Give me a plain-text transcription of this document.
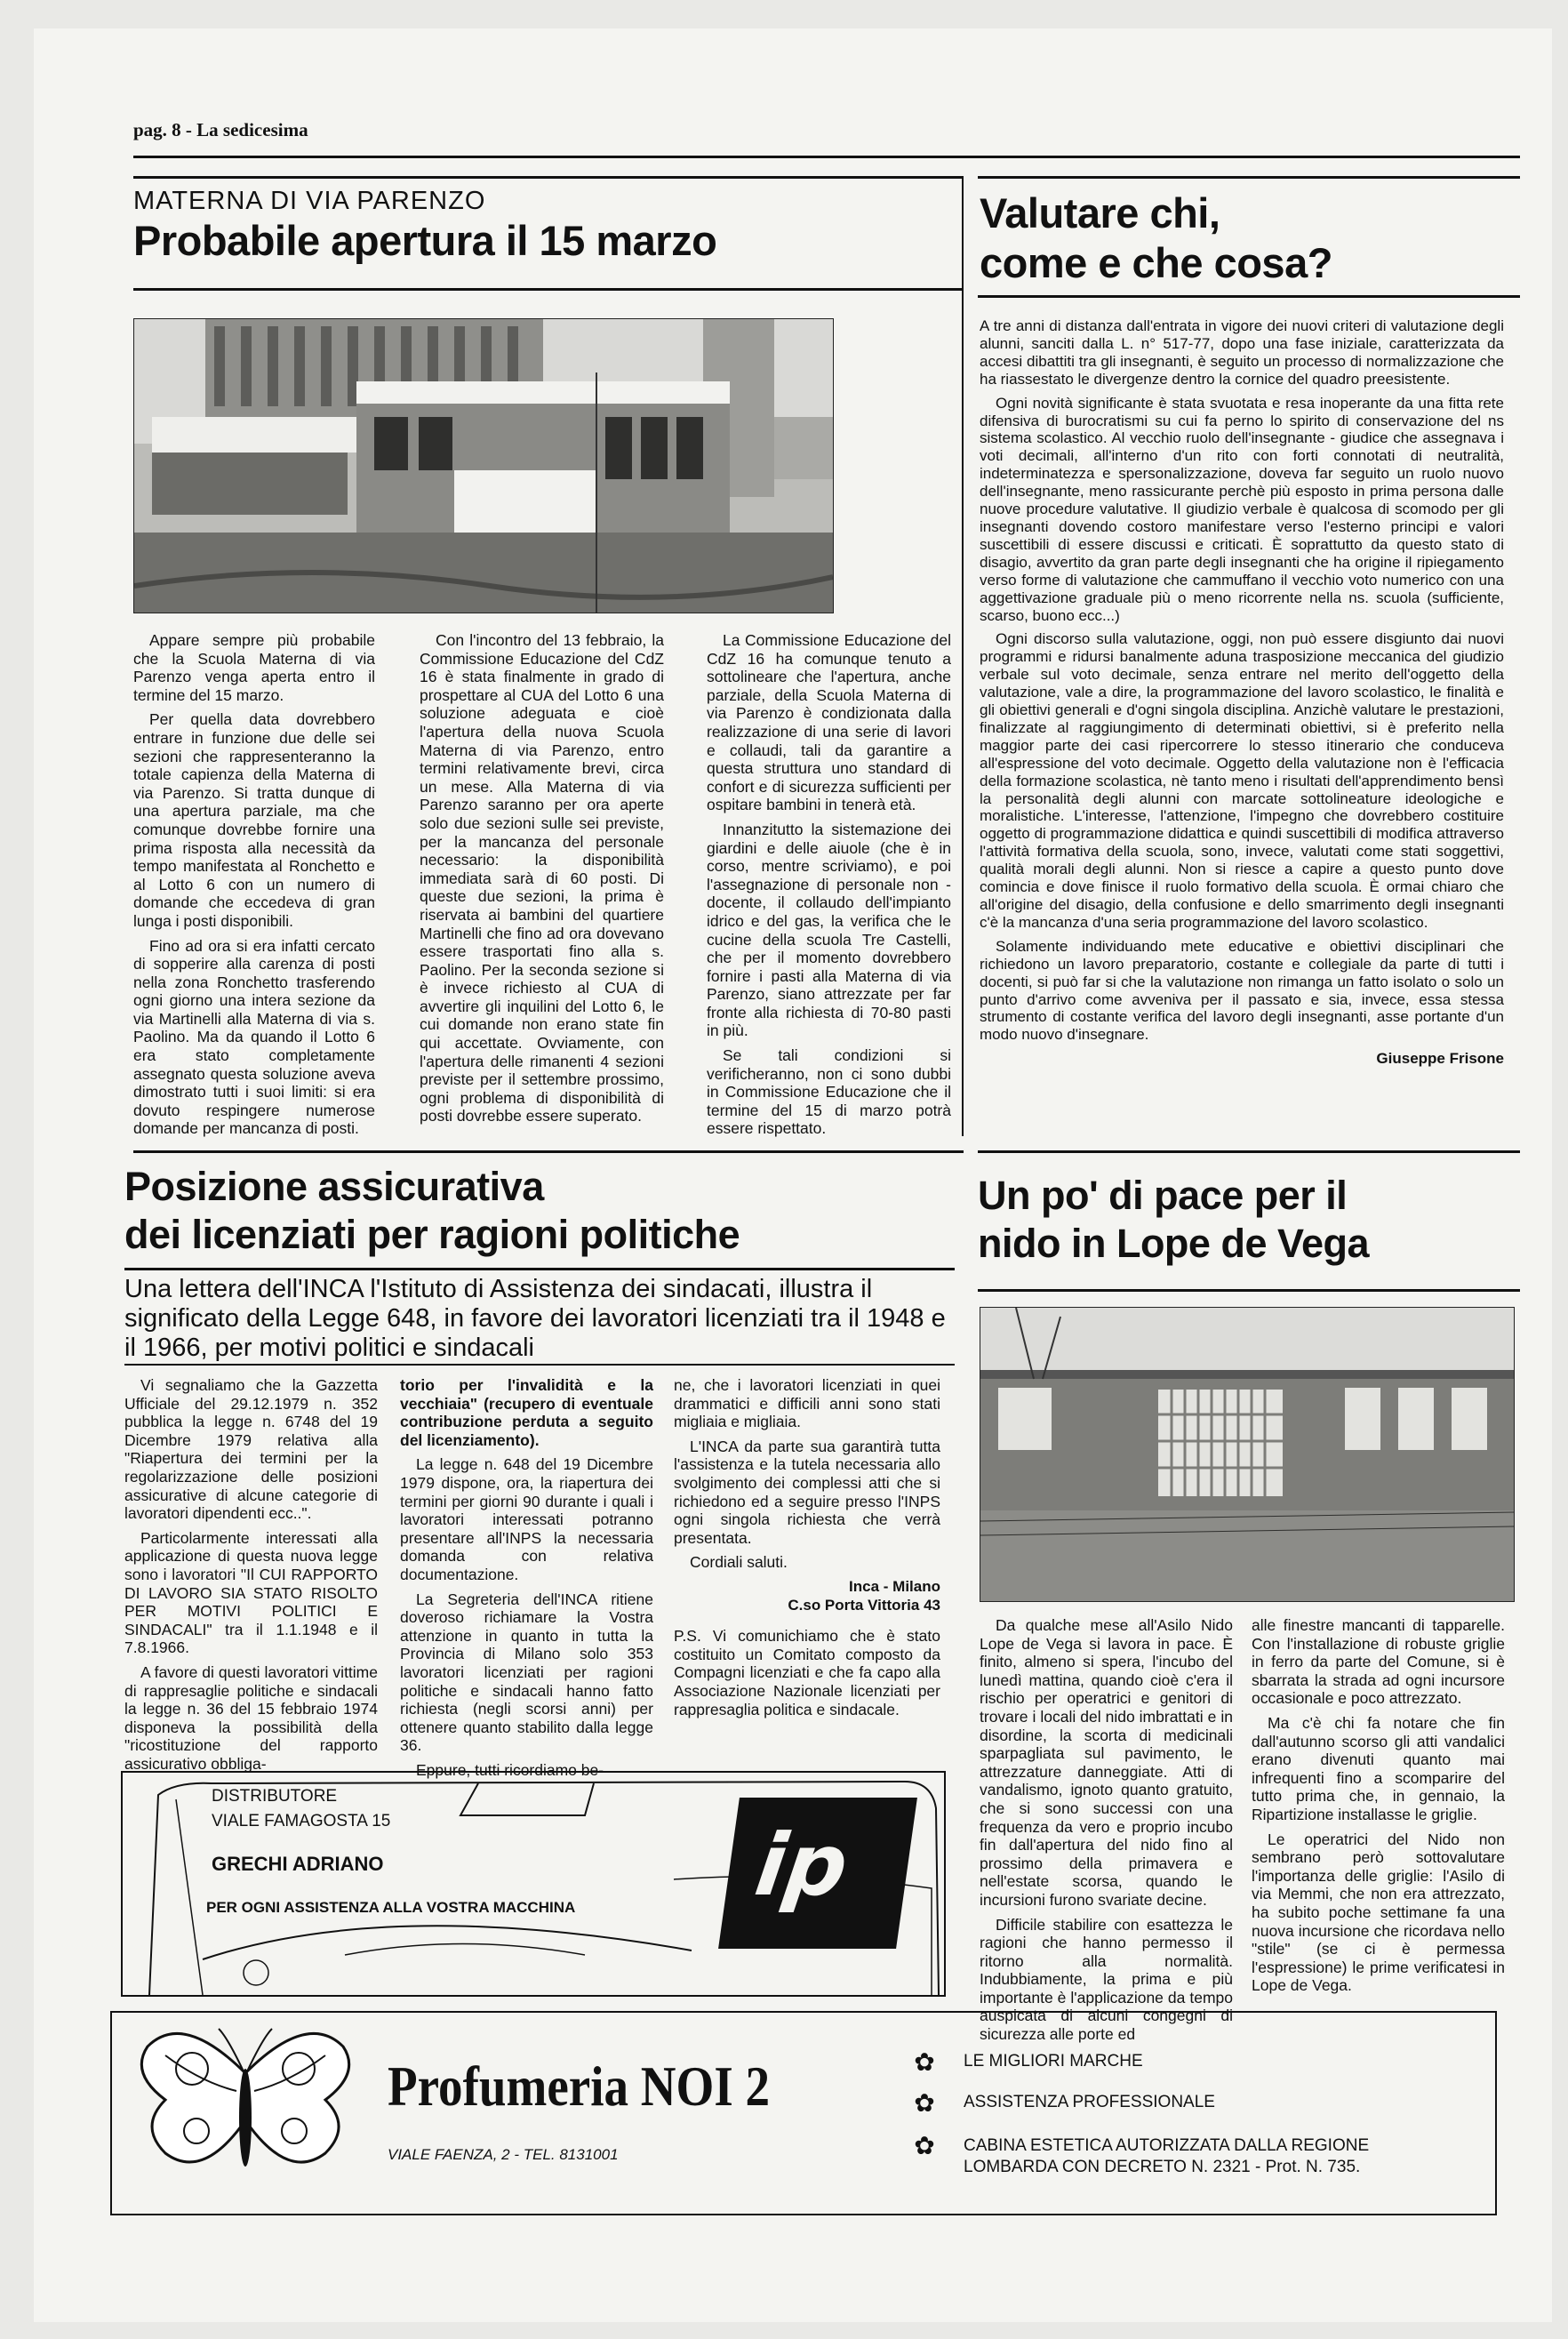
pag. 8 - La sedicesima
MATERNA DI VIA PARENZO
Probabile apertura il 15 marzo

Appare sempre più probabile che la Scuola Materna di via Parenzo venga aperta entro il termine del 15 marzo.

Per quella data dovrebbero entrare in funzione due delle sei sezioni che rappresenteranno la totale capienza della Materna di via Parenzo. Si tratta dunque di una apertura parziale, ma che comunque dovrebbe fornire una prima risposta alla necessità da tempo manifestata al Ronchetto e al Lotto 6 con un numero di domande che eccedeva di gran lunga i posti disponibili.

Fino ad ora si era infatti cercato di sopperire alla carenza di posti nella zona Ronchetto trasferendo ogni giorno una intera sezione da via Martinelli alla Materna di via s. Paolino. Ma da quando il Lotto 6 era stato completamente assegnato questa soluzione aveva dimostrato tutti i suoi limiti: si era dovuto respingere numerose domande per mancanza di posti.

Con l'incontro del 13 febbraio, la Commissione Educazione del CdZ 16 è stata finalmente in grado di prospettare al CUA del Lotto 6 una soluzione adeguata e cioè l'apertura della nuova Scuola Materna di via Parenzo, entro termini relativamente brevi, circa un mese. Alla Materna di via Parenzo saranno per ora aperte solo due sezioni sulle sei previste, per la mancanza del personale necessario: la disponibilità immediata sarà di 60 posti. Di queste due sezioni, la prima è riservata ai bambini del quartiere Martinelli che fino ad ora dovevano essere trasportati fino alla s. Paolino. Per la seconda sezione si è invece richiesto al CUA di avvertire gli inquilini del Lotto 6, le cui domande non erano state fin qui accettate. Ovviamente, con l'apertura delle rimanenti 4 sezioni previste per il settembre prossimo, ogni problema di disponibilità di posti dovrebbe essere superato.

La Commissione Educazione del CdZ 16 ha comunque tenuto a sottolineare che l'apertura, anche parziale, della Scuola Materna di via Parenzo è condizionata dalla realizzazione di una serie di lavori e collaudi, tali da garantire a questa struttura uno standard di confort e di sicurezza sufficienti per ospitare bambini in tenerà età.

Innanzitutto la sistemazione dei giardini e delle aiuole (che è in corso, mentre scriviamo), e poi l'assegnazione di personale non - docente, il collaudo dell'impianto idrico e del gas, la verifica che le cucine della scuola Tre Castelli, che per il momento dovrebbero fornire i pasti alla Materna di via Parenzo, siano attrezzate per far fronte alla richiesta di 70-80 pasti in più.

Se tali condizioni si verificheranno, non ci sono dubbi in Commissione Educazione che il termine del 15 di marzo potrà essere rispettato.

Valutare chi,
come e che cosa?

A tre anni di distanza dall'entrata in vigore dei nuovi criteri di valutazione degli alunni, sanciti dalla L. n° 517-77, dopo una fase iniziale, caratterizzata da accesi dibattiti tra gli insegnanti, è seguito un processo di normalizzazione che ha riassestato le divergenze dentro la cornice del quadro preesistente.

Ogni novità significante è stata svuotata e resa inoperante da una fitta rete difensiva di burocratismi su cui fa perno lo spirito di conservazione del ns sistema scolastico. Al vecchio ruolo dell'insegnante - giudice che assegnava i voti decimali, all'interno d'un rito con forti connotati di neutralità, indeterminatezza e spersonalizzazione, doveva far seguito un ruolo nuovo dell'insegnante, meno rassicurante perchè più esposto in prima persona dalle nuove procedure valutative. Il giudizio verbale è qualcosa di scomodo per gli insegnanti dovendo costoro manifestare verso l'esterno principi e valori suscettibili di essere discussi e criticati. È soprattutto da questo stato di disagio, avvertito da gran parte degli insegnanti che ha origine il ripiegamento verso forme di valutazione che cammuffano il vecchio voto numerico con una aggettivazione graduale più o meno ricorrente nella ns. scuola (sufficiente, scarso, buono ecc...)

Ogni discorso sulla valutazione, oggi, non può essere disgiunto dai nuovi programmi e ridursi banalmente aduna trasposizione meccanica del giudizio verbale sul voto decimale, senza entrare nel merito dell'oggetto della valutazione, vale a dire, la programmazione del lavoro scolastico, le finalità e gli obiettivi generali e d'ogni singola disciplina. Anzichè valutare le prestazioni, finalizzate al raggiungimento di determinati obiettivi, si è preferito nella maggior parte dei casi ripercorrere lo stesso itinerario che conduceva all'espressione del voto decimale. Oggetto della valutazione non è l'efficacia della formazione scolastica, nè tanto meno i risultati dell'apprendimento bensì la personalità degli alunni con marcate sottolineature ideologiche e moralistiche. L'interesse, l'attenzione, l'impegno che dovrebbero costituire oggetto di programmazione didattica e quindi suscettibili di modifica attraverso l'attività formativa della scuola, sono, invece, valutati come stati soggettivi, qualità morali degli alunni. Non si riesce a capire a questo punto dove comincia e dove finisce il ruolo formativo della scuola. È ormai chiaro che all'origine del disagio, della confusione e dello smarrimento degli insegnanti c'è la mancanza d'una seria programmazione del lavoro scolastico.

Solamente individuando mete educative e obiettivi disciplinari che richiedono un lavoro preparatorio, costante e collegiale da parte di tutti i docenti, si può far si che la valutazione non rimanga un fatto isolato o solo un punto d'arrivo come avveniva per il passato e sia, invece, essa stessa strumento di costante verifica del lavoro degli insegnanti, asse portante d'un modo nuovo d'insegnare.

Giuseppe Frisone
Posizione assicurativa
dei licenziati per ragioni politiche
Una lettera dell'INCA l'Istituto di Assistenza dei sindacati, illustra il significato della Legge 648, in favore dei lavoratori licenziati tra il 1948 e il 1966, per motivi politici e sindacali

Vi segnaliamo che la Gazzetta Ufficiale del 29.12.1979 n. 352 pubblica la legge n. 6748 del 19 Dicembre 1979 relativa alla "Riapertura dei termini per la regolarizzazione delle posizioni assicurative di alcune categorie di lavoratori dipendenti ecc..".

Particolarmente interessati alla applicazione di questa nuova legge sono i lavoratori "Il CUI RAPPORTO DI LAVORO SIA STATO RISOLTO PER MOTIVI POLITICI E SINDACALI" tra il 1.1.1948 e il 7.8.1966.

A favore di questi lavoratori vittime di rappresaglie politiche e sindacali la legge n. 36 del 15 febbraio 1974 disponeva la possibilità della "ricostituzione del rapporto assicurativo obbliga-

torio per l'invalidità e la vecchiaia" (recupero di eventuale contribuzione perduta a seguito del licenziamento).

La legge n. 648 del 19 Dicembre 1979 dispone, ora, la riapertura dei termini per giorni 90 durante i quali i lavoratori interessati potranno presentare all'INPS la necessaria domanda con relativa documentazione.

La Segreteria dell'INCA ritiene doveroso richiamare la Vostra attenzione in quanto in tutta la Provincia di Milano solo 353 lavoratori licenziati per ragioni politiche e sindacali hanno fatto richiesta (negli scorsi anni) per ottenere quanto stabilito dalla legge 36.

Eppure, tutti ricordiamo be-

ne, che i lavoratori licenziati in quei drammatici e difficili anni sono stati migliaia e migliaia.

L'INCA da parte sua garantirà tutta l'assistenza e la tutela necessaria allo svolgimento dei complessi atti che si richiedono ed a seguire presso l'INPS ogni singola richiesta che verrà presentata.

Cordiali saluti.

Inca - Milano
C.so Porta Vittoria 43

P.S. Vi comunichiamo che è stato costituito un Comitato composto da Compagni licenziati e che fa capo alla Associazione Nazionale licenziati per rappresaglia politica e sindacale.

DISTRIBUTORE
VIALE FAMAGOSTA 15
GRECHI ADRIANO
PER OGNI ASSISTENZA ALLA VOSTRA MACCHINA ip
Un po' di pace per il
nido in Lope de Vega

Da qualche mese all'Asilo Nido Lope de Vega si lavora in pace. È finito, almeno si spera, l'incubo del lunedì mattina, quando cioè c'era il rischio per operatrici e genitori di trovare i locali del nido imbrattati e in disordine, la scorta di medicinali sparpagliata sul pavimento, le attrezzature danneggiate. Atti di vandalismo, ignoto quanto gratuito, che si sono successi con una frequenza da vero e proprio incubo fin dall'apertura del nido fino al prossimo della primavera e nell'estate scorsa, quando le incursioni furono svariate decine.

Difficile stabilire con esattezza le ragioni che hanno permesso il ritorno alla normalità. Indubbiamente, la prima e più importante è l'applicazione da tempo auspicata di alcuni congegni di sicurezza alle porte ed

alle finestre mancanti di tapparelle. Con l'installazione di robuste griglie in ferro da parte del Comune, si è sbarrata la strada ad ogni incursore occasionale e poco attrezzato.

Ma c'è chi fa notare che fin dall'autunno scorso gli atti vandalici erano divenuti quanto mai infrequenti fino a scomparire del tutto prima che, in gennaio, la Ripartizione installasse le griglie.

Le operatrici del Nido non sembrano però sottovalutare l'importanza delle griglie: l'Asilo di via Memmi, che non era attrezzato, ha subito poche settimane fa una nuova incursione che ricordava nello "stile" (se ci è permessa l'espressione) le prime verificatesi in Lope de Vega.

Profumeria NOI 2
VIALE FAENZA, 2 - TEL. 8131001
✿ LE MIGLIORI MARCHE
✿ ASSISTENZA PROFESSIONALE
✿ CABINA ESTETICA AUTORIZZATA DALLA REGIONE LOMBARDA CON DECRETO N. 2321 - Prot. N. 735.
